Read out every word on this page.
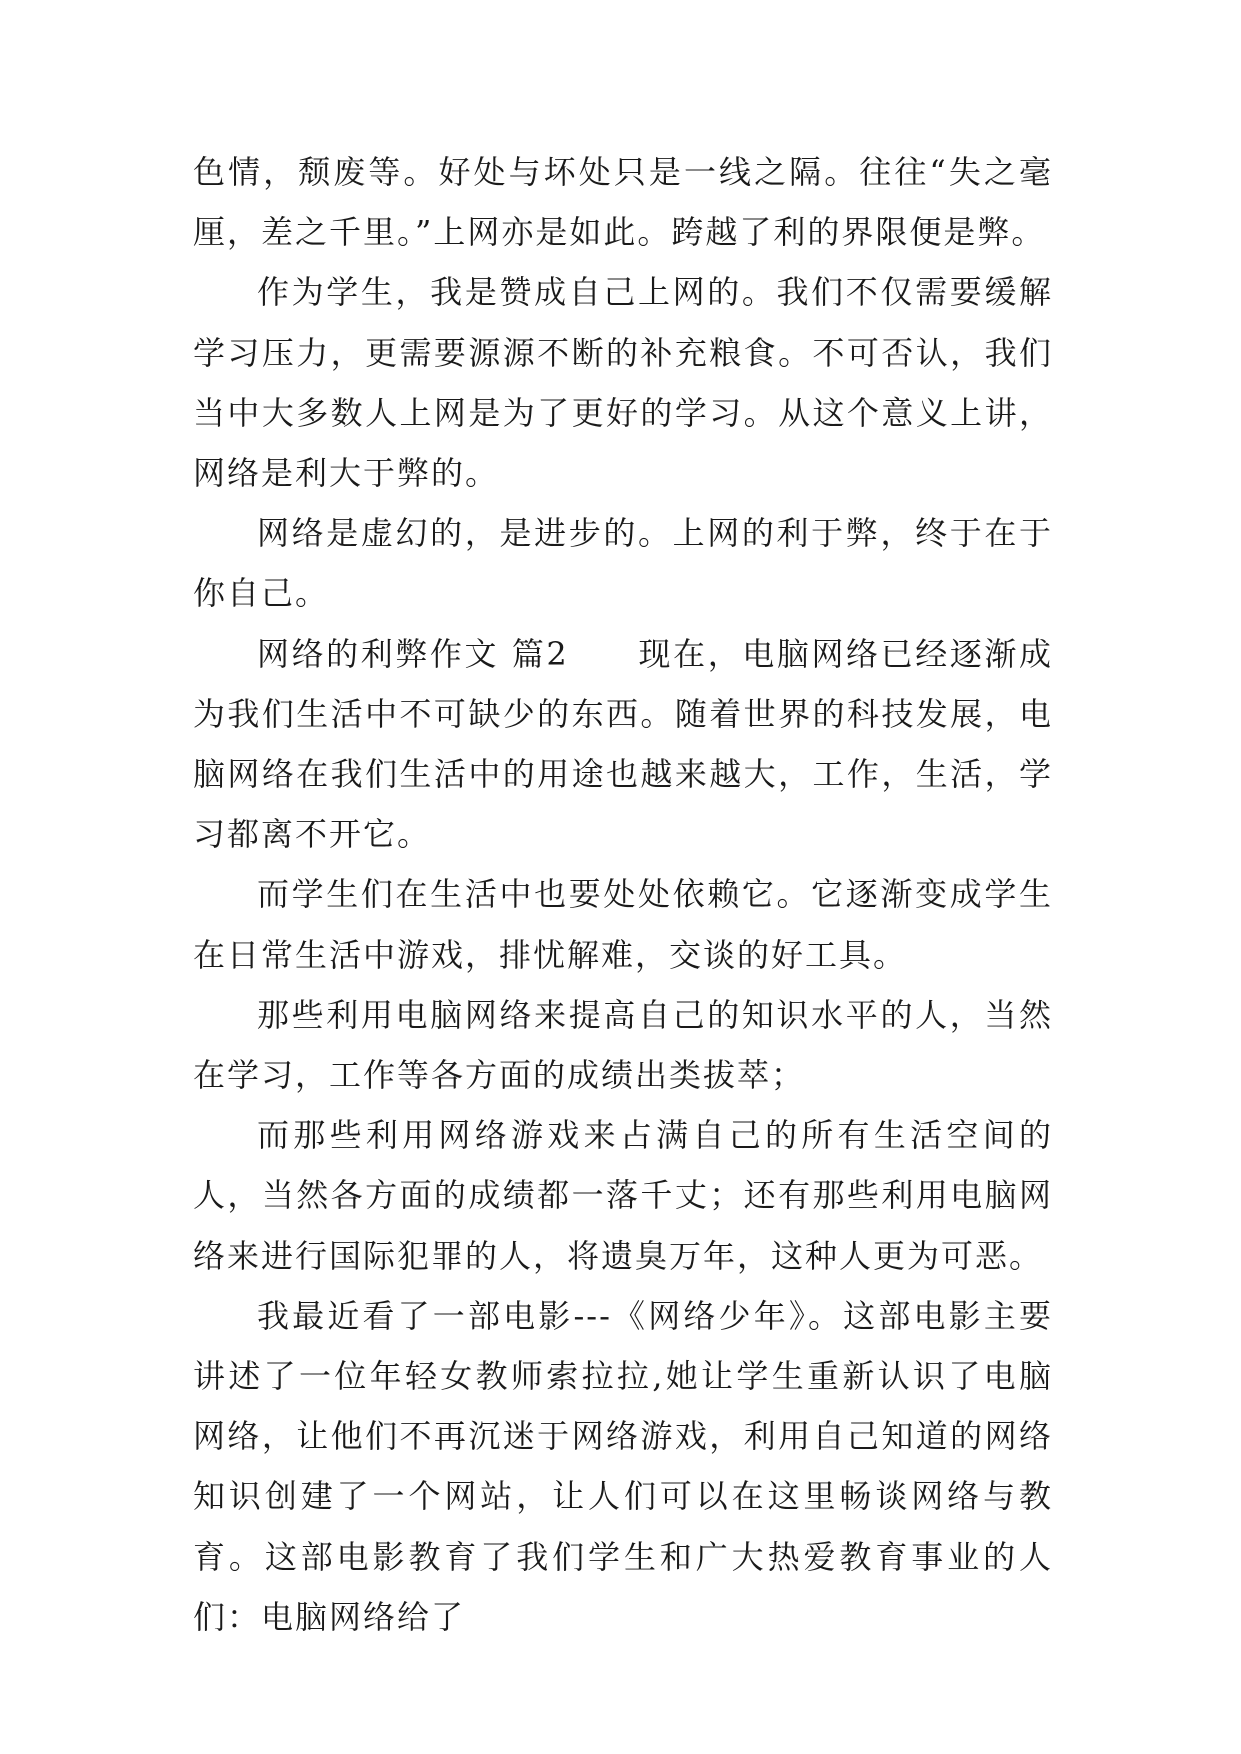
色情，颓废等。好处与坏处只是一线之隔。往往“失之毫厘，差之千里。”上网亦是如此。跨越了利的界限便是弊。

作为学生，我是赞成自己上网的。我们不仅需要缓解学习压力，更需要源源不断的补充粮食。不可否认，我们当中大多数人上网是为了更好的学习。从这个意义上讲，网络是利大于弊的。

网络是虚幻的，是进步的。上网的利于弊，终于在于你自己。

网络的利弊作文 篇2　　现在，电脑网络已经逐渐成为我们生活中不可缺少的东西。随着世界的科技发展，电脑网络在我们生活中的用途也越来越大，工作，生活，学习都离不开它。

而学生们在生活中也要处处依赖它。它逐渐变成学生在日常生活中游戏，排忧解难，交谈的好工具。

那些利用电脑网络来提高自己的知识水平的人，当然在学习，工作等各方面的成绩出类拔萃；

而那些利用网络游戏来占满自己的所有生活空间的人，当然各方面的成绩都一落千丈；还有那些利用电脑网络来进行国际犯罪的人，将遗臭万年，这种人更为可恶。

我最近看了一部电影---《网络少年》。这部电影主要讲述了一位年轻女教师索拉拉,她让学生重新认识了电脑网络，让他们不再沉迷于网络游戏，利用自己知道的网络知识创建了一个网站，让人们可以在这里畅谈网络与教育。这部电影教育了我们学生和广大热爱教育事业的人们：电脑网络给了
